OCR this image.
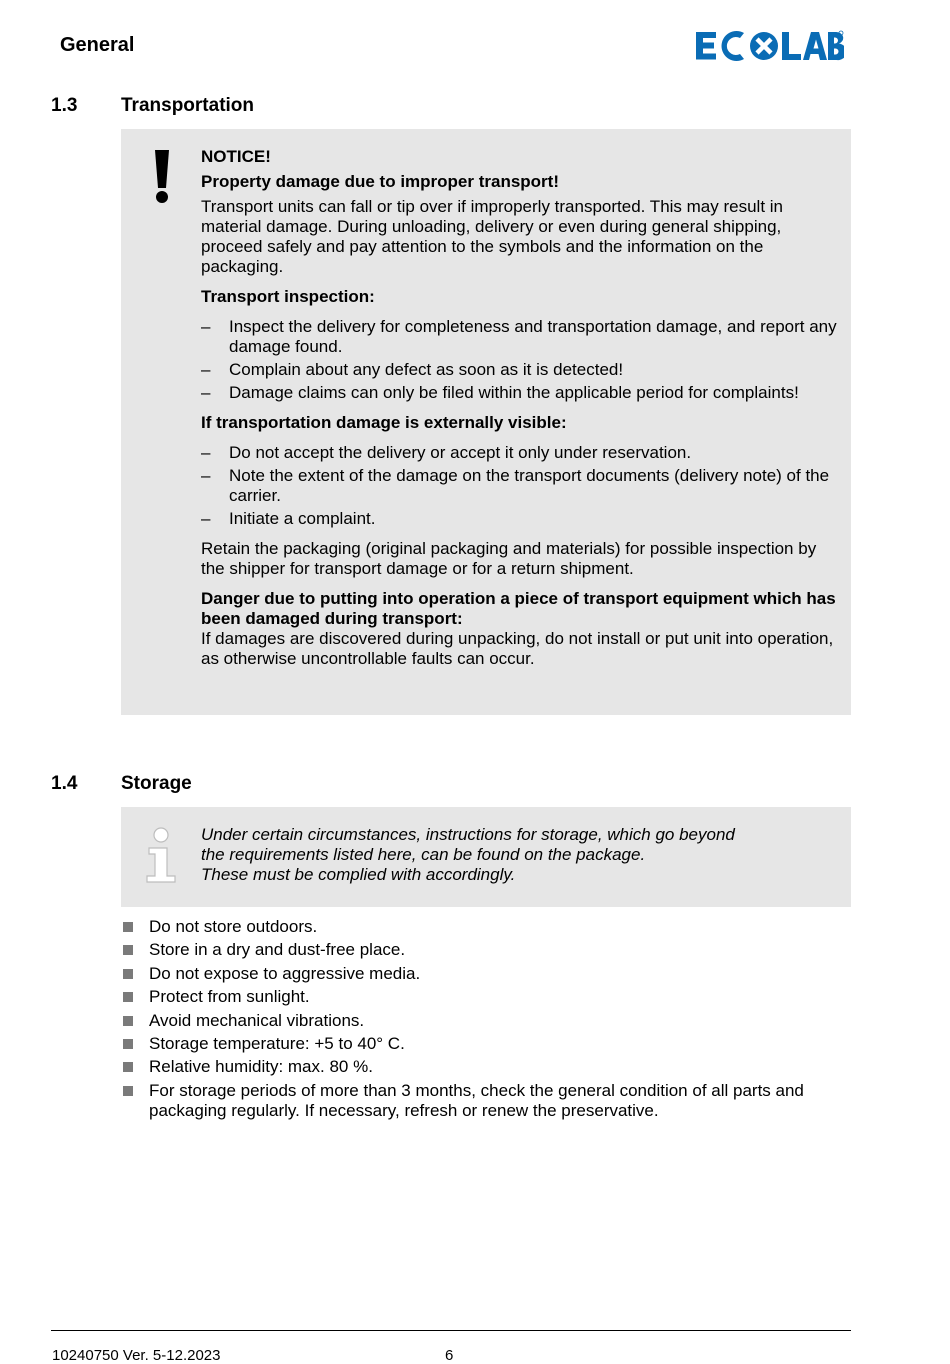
General
1.3 Transportation

NOTICE!

Property damage due to improper transport!

Transport units can fall or tip over if improperly transported. This may result in material damage. During unloading, delivery or even during general shipping, proceed safely and pay attention to the symbols and the information on the packaging.

Transport inspection:

– Inspect the delivery for completeness and transportation damage, and report any damage found.
– Complain about any defect as soon as it is detected!
– Damage claims can only be filed within the applicable period for complaints!

If transportation damage is externally visible:

– Do not accept the delivery or accept it only under reservation.
– Note the extent of the damage on the transport documents (delivery note) of the carrier.
– Initiate a complaint.

Retain the packaging (original packaging and materials) for possible inspection by the shipper for transport damage or for a return shipment.

Danger due to putting into operation a piece of transport equipment which has been damaged during transport:

If damages are discovered during unpacking, do not install or put unit into operation, as otherwise uncontrollable faults can occur.

1.4 Storage

Under certain circumstances, instructions for storage, which go beyond

the requirements listed here, can be found on the package.

These must be complied with accordingly.

Do not store outdoors.
Store in a dry and dust-free place.
Do not expose to aggressive media.
Protect from sunlight.
Avoid mechanical vibrations.
Storage temperature: +5 to 40° C.
Relative humidity: max. 80 %.
For storage periods of more than 3 months, check the general condition of all parts and packaging regularly. If necessary, refresh or renew the preservative.
10240750 Ver. 5-12.2023	6
